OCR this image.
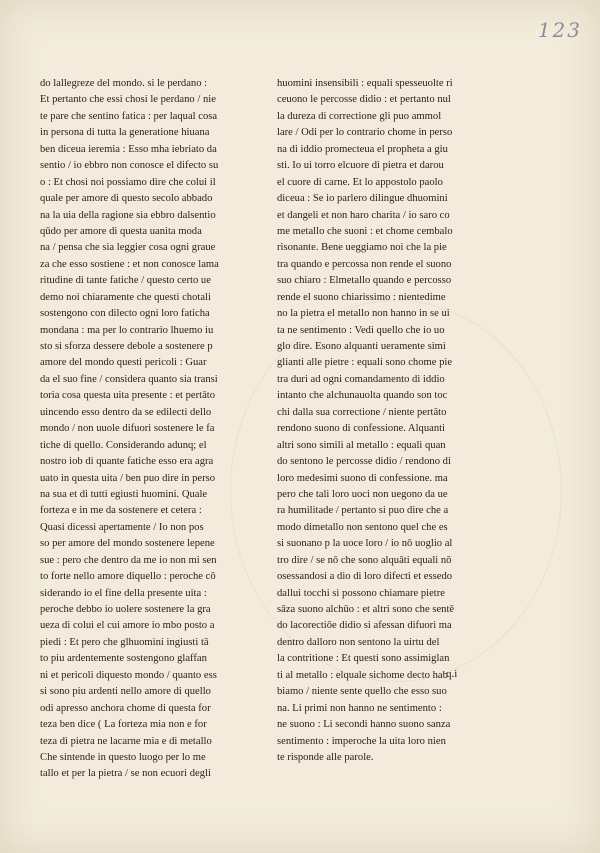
123
do lallegreze del mondo. si le perdano :
Et pertanto che essi chosi le perdano / nie
te pare che sentino fatica : per laqual cosa
in persona di tutta la generatione hiuana
ben diceua ieremia : Esso mha iebriato da
sentio / io ebbro non conosce el difecto su
o : Et chosi noi possiamo dire che colui il
quale per amore di questo secolo abbado
na la uia della ragione sia ebbro dalsentio
qūdo per amore di questa uanita moda
na / pensa che sia leggier cosa ogni graue
za che esso sostiene : et non conosce lama
ritudine di tante fatiche / questo certo ue
demo noi chiaramente che questi chotali
sostengono con dilecto ogni loro faticha
mondana : ma per lo contrario lhuemo iu
sto si sforza dessere debole a sostenere p
amore del mondo questi pericoli : Guar
da el suo fine / considera quanto sia transi
toria cosa questa uita presente : et pertāto
uincendo esso dentro da se edilecti dello
mondo / non uuole difuori sostenere le fa
tiche di quello. Considerando adunq; el
nostro iob di quante fatiche esso era agra
uato in questa uita / ben puo dire in perso
na sua et di tutti egiusti huomini. Quale
forteza e in me da sostenere et cetera :
Quasi dicessi apertamente / Io non pos
so per amore del mondo sostenere lepene
sue : pero che dentro da me io non mi sen
to forte nello amore diquello : peroche cō
siderando io el fine della presente uita :
peroche debbo io uolere sostenere la gra
ueza di colui el cui amore io mbo posto a
piedi : Et pero che glhuomini ingiusti tā
to piu ardentemente sostengono glaffan
ni et pericoli diquesto mondo / quanto ess
si sono piu ardenti nello amore di quello
odi apresso anchora chome di questa for
teza ben dice ( La forteza mia non e for
teza di pietra ne lacarne mia e di metallo
Che sintende in questo luogo per lo me
tallo et per la pietra / se non ecuori degli
huomini insensibili : equali spesseuolte ri
ceuono le percosse didio : et pertanto nul
la dureza di correctione gli puo ammol
lare / Odi per lo contrario chome in perso
na di iddio promecteua el propheta a giu
sti. Io ui torro elcuore di pietra et darou
el cuore di carne. Et lo appostolo paolo
diceua : Se io parlero dilingue dhuomini
et dangeli et non haro charita / io saro co
me metallo che suoni : et chome cembalo
risonante. Bene ueggiamo noi che la pie
tra quando e percossa non rende el suono
suo chiaro : Elmetallo quando e percosso
rende el suono chiarissimo : nientedime
no la pietra el metallo non hanno in se ui
ta ne sentimento : Vedi quello che io uo
glo dire. Esono alquanti ueramente simi
glianti alle pietre : equali sono chome pie
tra duri ad ogni comandamento di iddio
intanto che alchunauolta quando son toc
chi dalla sua correctione / niente pertāto
rendono suono di confessione. Alquanti
altri sono simili al metallo : equali quan
do sentono le percosse didio / rendono di
loro medesimi suono di confessione. ma
pero che tali loro uoci non uegono da ue
ra humilitade / pertanto si puo dire che a
modo dimetallo non sentono quel che es
si suonano p la uoce loro / io nō uoglio al
tro dire / se nō che sono alquāti equali nō
osessandosi a dio di loro difecti et essedo
dallui tocchi si possono chiamare pietre
sāza suono alchūo : et altri sono che sentē
do lacorectiōe didio si afessan difuori ma
dentro dalloro non sentono la uirtu del
la contritione : Et questi sono assimiglan
ti al metallo : elquale sichome decto hab
biamo / niente sente quello che esso suo
na. Li primi non hanno ne sentimento :
ne suono : Li secondi hanno suono sanza
sentimento : imperoche la uita loro nien
te risponde alle parole.
q.i
